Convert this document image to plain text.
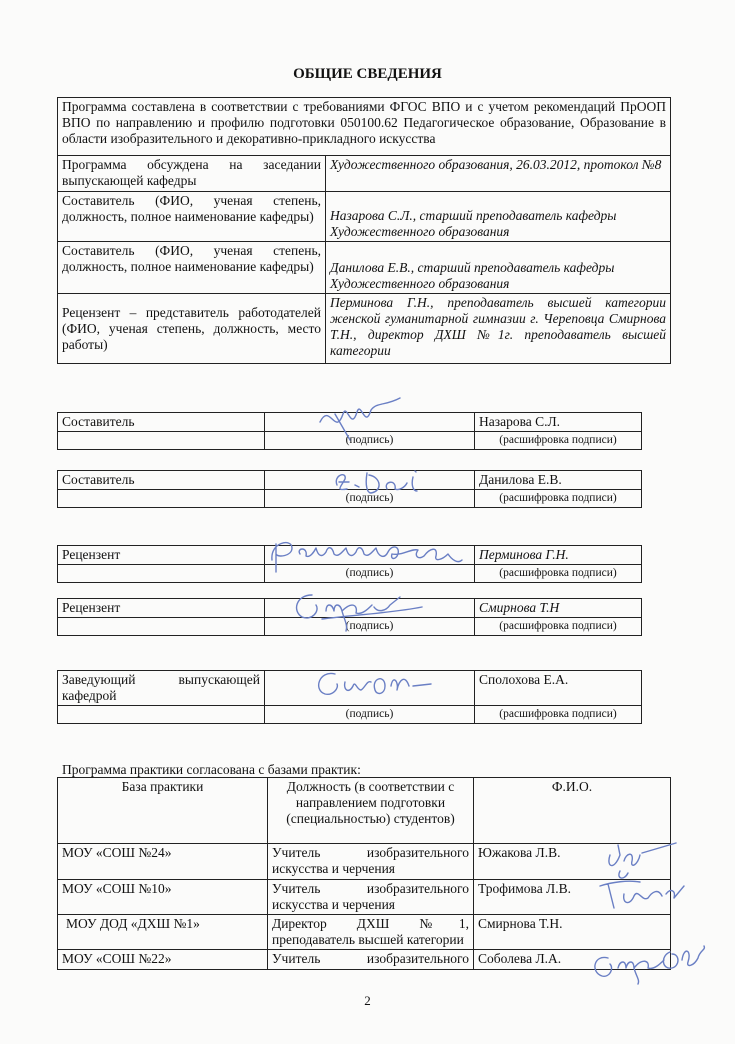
ОБЩИЕ СВЕДЕНИЯ
Программа составлена в соответствии с требованиями ФГОС ВПО и с учетом рекомендаций ПрООП ВПО по направлению и профилю подготовки 050100.62 Педагогическое образование, Образование в области изобразительного и декоративно-прикладного искусства	
Программа обсуждена на заседании выпускающей кафедры	Художественного образования, 26.03.2012, протокол №8
Составитель (ФИО, ученая степень, должность, полное наименование кафедры)	Назарова С.Л., старший преподаватель кафедры Художественного образования
Составитель (ФИО, ученая степень, должность, полное наименование кафедры)	Данилова Е.В., старший преподаватель кафедры Художественного образования
Рецензент – представитель работодателей (ФИО, ученая степень, должность, место работы)	Перминова Г.Н., преподаватель высшей категории женской гуманитарной гимназии г. Череповца Смирнова Т.Н., директор ДХШ №1г. преподаватель высшей категории
Составитель		Назарова С.Л.
	(подпись)	(расшифровка подписи)
Составитель		Данилова Е.В.
	(подпись)	(расшифровка подписи)
Рецензент		Перминова Г.Н.
	(подпись)	(расшифровка подписи)
Рецензент		Смирнова Т.Н
	(подпись)	(расшифровка подписи)
Заведующий выпускающей кафедрой		Сполохова Е.А.
	(подпись)	(расшифровка подписи)
Программа практики согласована с базами практик:
База практики	Должность (в соответствии с направлением подготовки (специальностью) студентов)	Ф.И.О.
МОУ «СОШ №24»	Учитель изобразительного искусства и черчения	Южакова Л.В.
МОУ «СОШ №10»	Учитель изобразительного искусства и черчения	Трофимова Л.В.
МОУ ДОД «ДХШ №1»	Директор ДХШ №1, преподаватель высшей категории	Смирнова Т.Н.
МОУ «СОШ №22»	Учитель изобразительного	Соболева Л.А.
2
